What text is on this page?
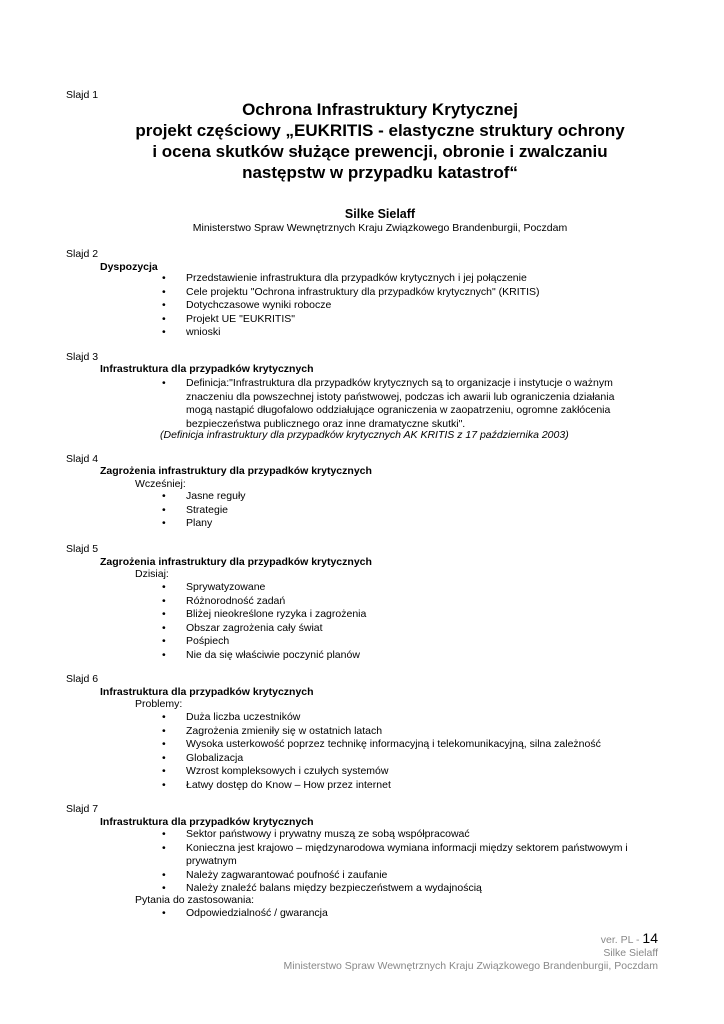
Slajd 1

Ochrona Infrastruktury Krytycznej

projekt częściowy „EUKRITIS - elastyczne struktury ochrony

i ocena skutków służące prewencji, obronie i zwalczaniu

następstw w przypadku katastrof“

Silke Sielaff
Ministerstwo Spraw Wewnętrznych Kraju Związkowego Brandenburgii, Poczdam
Slajd 2
Dyspozycja
• Przedstawienie infrastruktura dla przypadków krytycznych i jej połączenie
• Cele projektu "Ochrona infrastruktury dla przypadków krytycznych" (KRITIS)
• Dotychczasowe wyniki robocze
• Projekt UE "EUKRITIS"
• wnioski
Slajd 3
Infrastruktura dla przypadków krytycznych
• Definicja:"Infrastruktura dla przypadków krytycznych są to organizacje i instytucje o ważnym znaczeniu dla powszechnej istoty państwowej, podczas ich awarii lub ograniczenia działania mogą nastąpić długofalowo oddziałujące ograniczenia w zaopatrzeniu, ogromne zakłócenia bezpieczeństwa publicznego oraz inne dramatyczne skutki".
(Definicja infrastruktury dla przypadków krytycznych AK KRITIS z 17 października 2003)
Slajd 4
Zagrożenia infrastruktury dla przypadków krytycznych
Wcześniej:
• Jasne reguły
• Strategie
• Plany
Slajd 5
Zagrożenia infrastruktury dla przypadków krytycznych
Dzisiaj:
• Sprywatyzowane
• Różnorodność zadań
• Bliżej nieokreślone ryzyka i zagrożenia
• Obszar zagrożenia cały świat
• Pośpiech
• Nie da się właściwie poczynić planów
Slajd 6
Infrastruktura dla przypadków krytycznych
Problemy:
• Duża liczba uczestników
• Zagrożenia zmieniły się w ostatnich latach
• Wysoka usterkowość poprzez technikę informacyjną i telekomunikacyjną, silna zależność
• Globalizacja
• Wzrost kompleksowych i czułych systemów
• Łatwy dostęp do Know – How przez internet
Slajd 7
Infrastruktura dla przypadków krytycznych
• Sektor państwowy i prywatny muszą ze sobą współpracować
• Konieczna jest krajowo – międzynarodowa wymiana informacji między sektorem państwowym i prywatnym
• Należy zagwarantować poufność i zaufanie
• Należy znaleźć balans między bezpieczeństwem a wydajnością
Pytania do zastosowania:
• Odpowiedzialność / gwarancja
ver. PL - 14
Silke Sielaff
Ministerstwo Spraw Wewnętrznych Kraju Związkowego Brandenburgii, Poczdam
